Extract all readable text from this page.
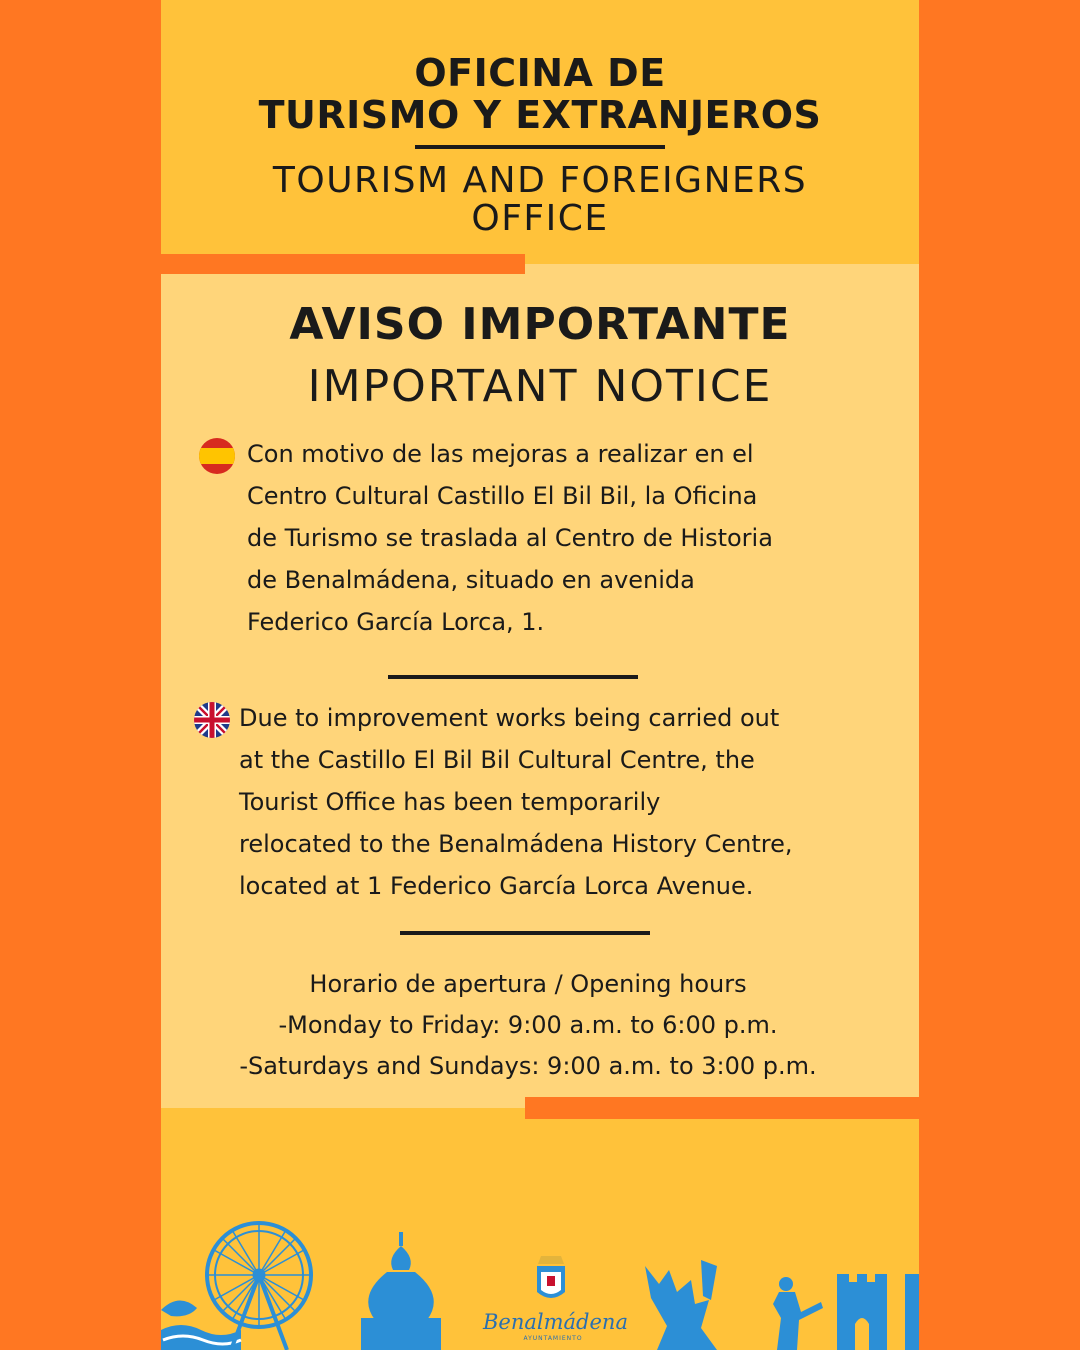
OFICINA DE
TURISMO Y EXTRANJEROS
TOURISM AND FOREIGNERS
OFFICE
AVISO IMPORTANTE
IMPORTANT NOTICE

Con motivo de las mejoras a realizar en el
Centro Cultural Castillo El Bil Bil, la Oficina
de Turismo se traslada al Centro de Historia
de Benalmádena, situado en avenida
Federico García Lorca, 1.

Due to improvement works being carried out
at the Castillo El Bil Bil Cultural Centre, the
Tourist Office has been temporarily
relocated to the Benalmádena History Centre,
located at 1 Federico García Lorca Avenue.

Horario de apertura / Opening hours
-Monday to Friday: 9:00 a.m. to 6:00 p.m.
-Saturdays and Sundays: 9:00 a.m. to 3:00 p.m.
Benalmádena
AYUNTAMIENTO
